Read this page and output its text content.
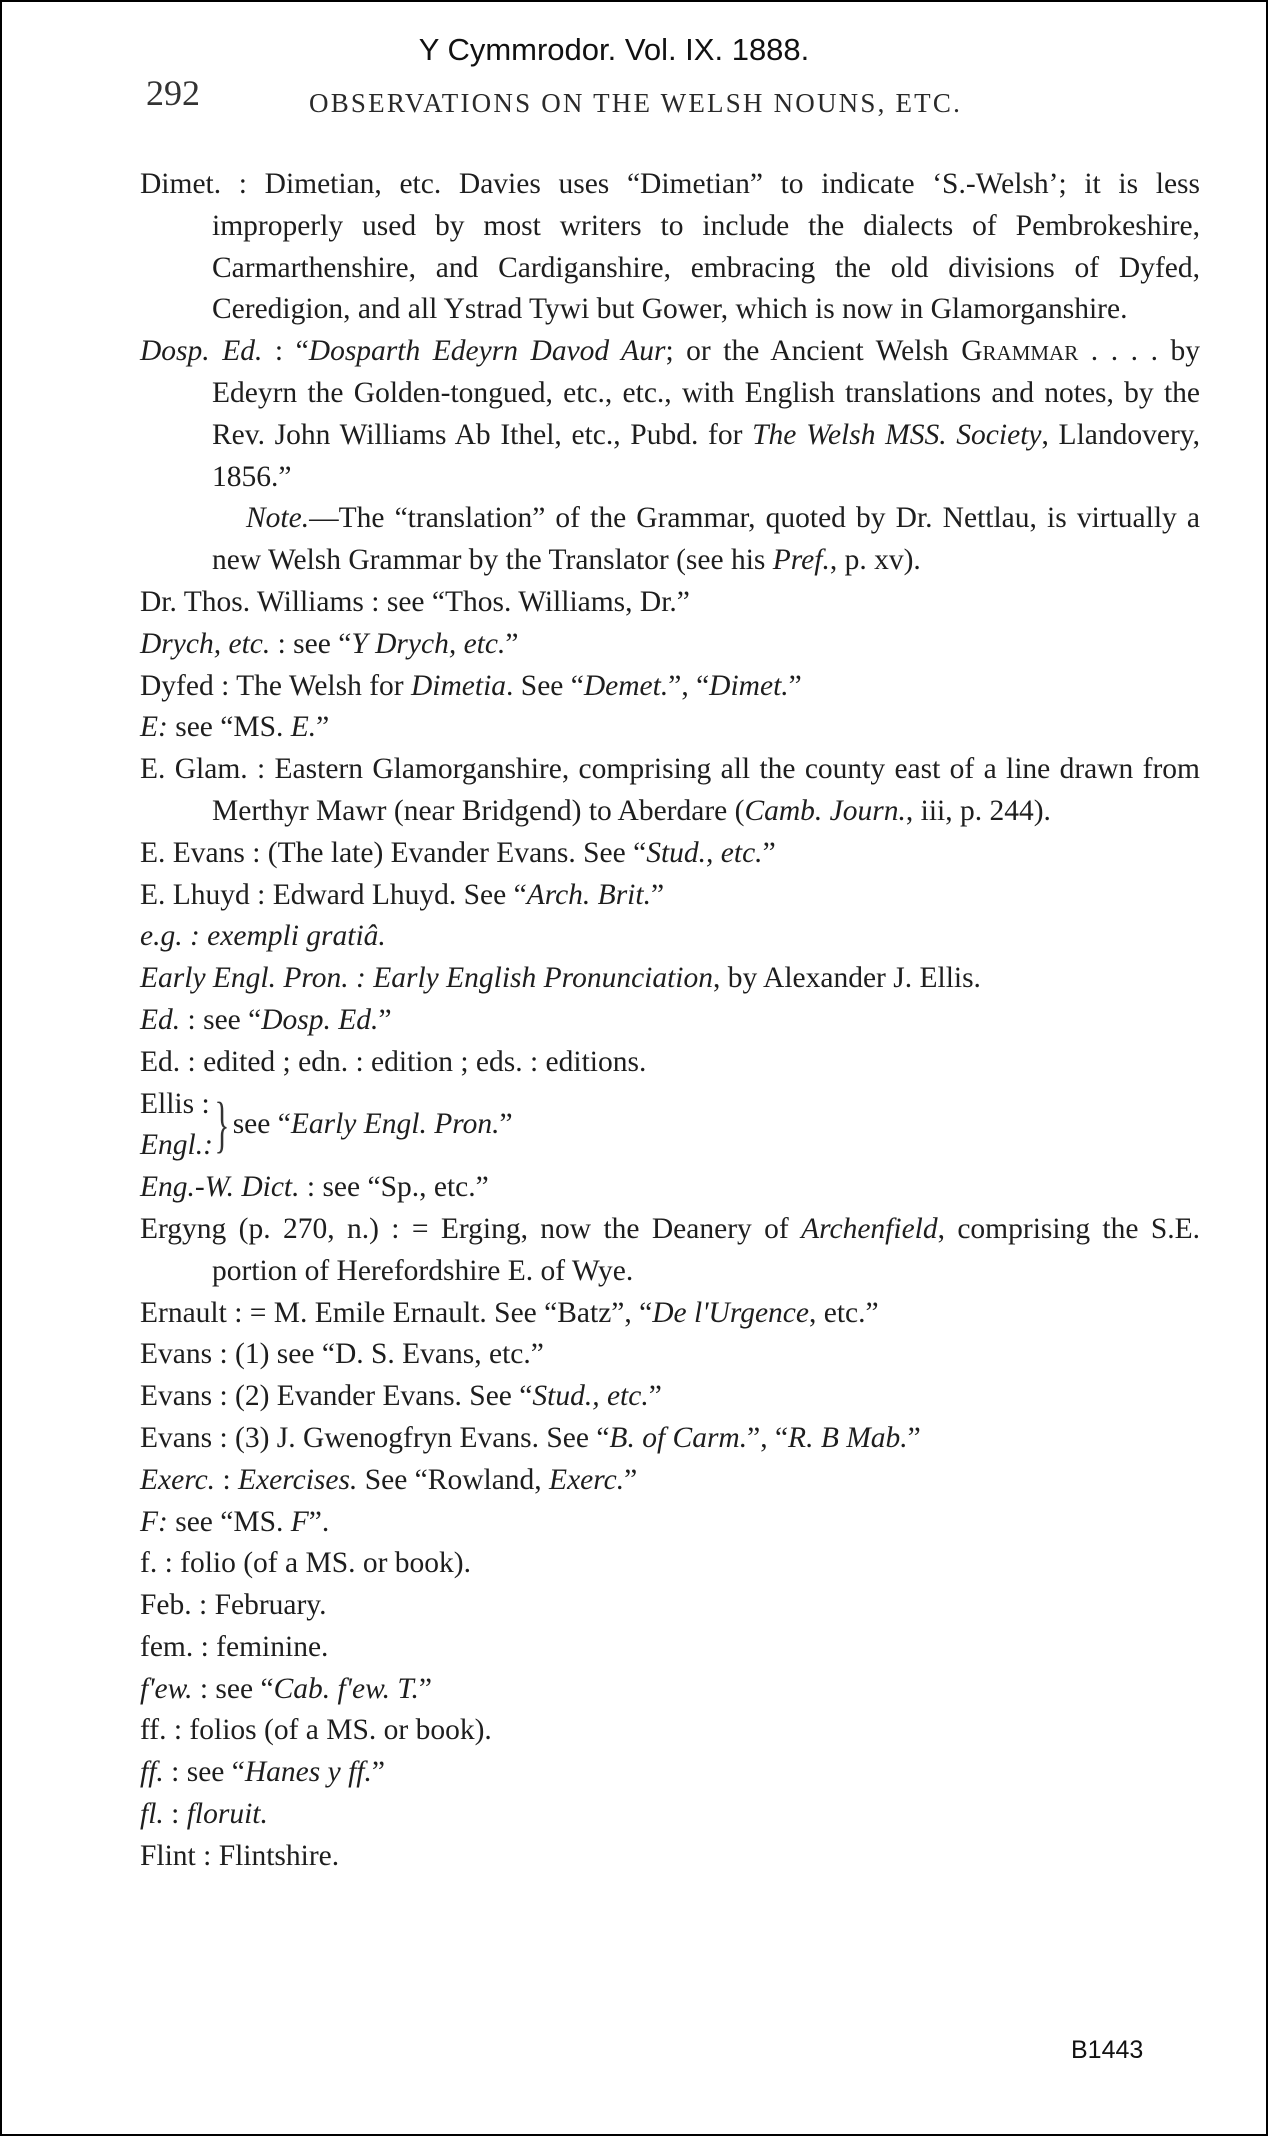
Y Cymmrodor. Vol. IX. 1888.
292	OBSERVATIONS ON THE WELSH NOUNS, ETC.
Dimet. : Dimetian, etc. Davies uses “Dimetian” to indicate ‘S.-Welsh’; it is less improperly used by most writers to include the dialects of Pembrokeshire, Carmarthenshire, and Cardiganshire, embracing the old divisions of Dyfed, Ceredigion, and all Ystrad Tywi but Gower, which is now in Glamorganshire.
Dosp. Ed. : “Dosparth Edeyrn Davod Aur; or the Ancient Welsh Grammar . . . . by Edeyrn the Golden-tongued, etc., etc., with English translations and notes, by the Rev. John Williams Ab Ithel, etc., Pubd. for The Welsh MSS. Society, Llandovery, 1856.”
Note.—The “translation” of the Grammar, quoted by Dr. Nettlau, is virtually a new Welsh Grammar by the Translator (see his Pref., p. xv).
Dr. Thos. Williams : see “Thos. Williams, Dr.”
Drych, etc. : see “Y Drych, etc.”
Dyfed : The Welsh for Dimetia. See “Demet.”, “Dimet.”
E: see “MS. E.”
E. Glam. : Eastern Glamorganshire, comprising all the county east of a line drawn from Merthyr Mawr (near Bridgend) to Aberdare (Camb. Journ., iii, p. 244).
E. Evans : (The late) Evander Evans. See “Stud., etc.”
E. Lhuyd : Edward Lhuyd. See “Arch. Brit.”
e.g. : exempli gratiâ.
Early Engl. Pron. : Early English Pronunciation, by Alexander J. Ellis.
Ed. : see “Dosp. Ed.”
Ed. : edited ; edn. : edition ; eds. : editions.
Ellis :
Engl.: } see “Early Engl. Pron.”
Eng.-W. Dict. : see “Sp., etc.”
Ergyng (p. 270, n.) : = Erging, now the Deanery of Archenfield, comprising the S.E. portion of Herefordshire E. of Wye.
Ernault : = M. Emile Ernault. See “Batz”, “De l'Urgence, etc.”
Evans : (1) see “D. S. Evans, etc.”
Evans : (2) Evander Evans. See “Stud., etc.”
Evans : (3) J. Gwenogfryn Evans. See “B. of Carm.”, “R. B Mab.”
Exerc. : Exercises. See “Rowland, Exerc.”
F: see “MS. F”.
f. : folio (of a MS. or book).
Feb. : February.
fem. : feminine.
f'ew. : see “Cab. f'ew. T.”
ff. : folios (of a MS. or book).
ff. : see “Hanes y ff.”
fl. : floruit.
Flint : Flintshire.
B1443
